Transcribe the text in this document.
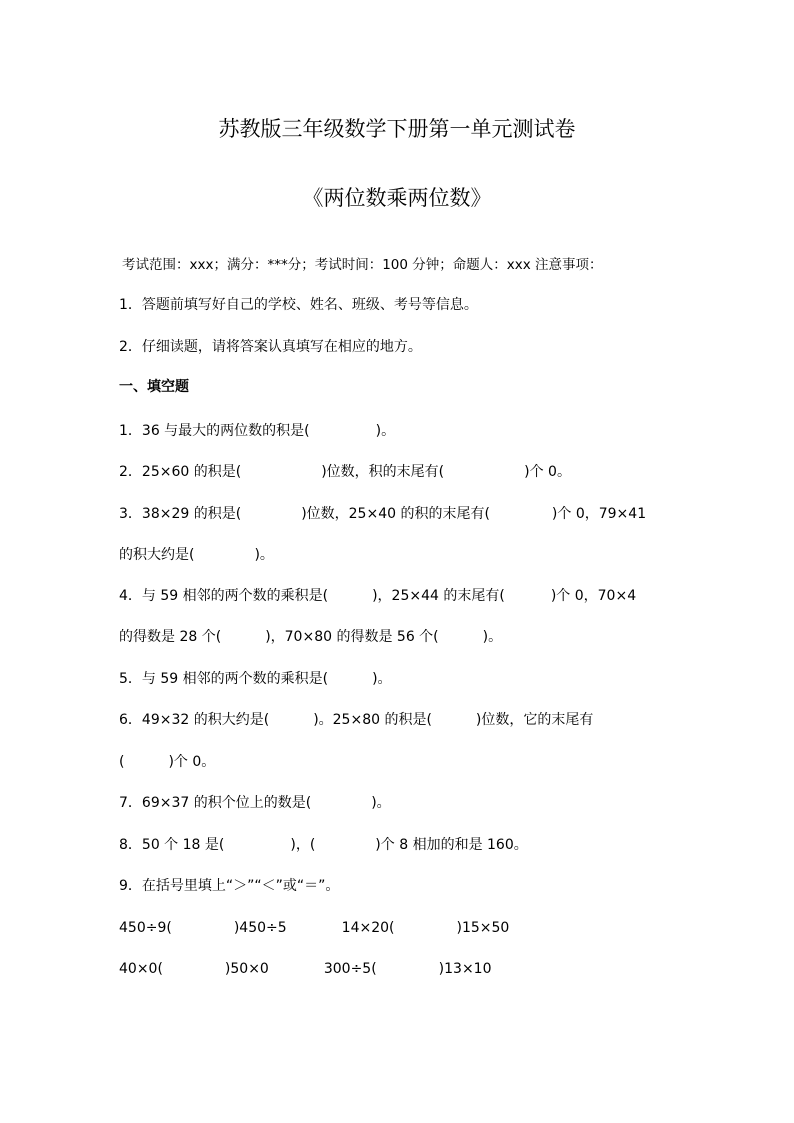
苏教版三年级数学下册第一单元测试卷
《两位数乘两位数》
考试范围：xxx；满分：***分；考试时间：100 分钟；命题人：xxx 注意事项：
1．答题前填写好自己的学校、姓名、班级、考号等信息。
2．仔细读题，请将答案认真填写在相应的地方。
一、填空题
1．36 与最大的两位数的积是(	)。
2．25×60 的积是(	)位数，积的末尾有(	)个 0。
3．38×29 的积是(	)位数，25×40 的积的末尾有(	)个 0，79×41
的积大约是(	)。
4．与 59 相邻的两个数的乘积是(	)，25×44 的末尾有(	)个 0，70×4
的得数是 28 个(	)，70×80 的得数是 56 个(	)。
5．与 59 相邻的两个数的乘积是(	)。
6．49×32 的积大约是(	)。25×80 的积是(	)位数，它的末尾有
(	)个 0。
7．69×37 的积个位上的数是(	)。
8．50 个 18 是(	)，(	)个 8 相加的和是 160。
9．在括号里填上“＞”“＜”或“＝”。
450÷9(	)450÷5	14×20(	)15×50
40×0(	)50×0	300÷5(	)13×10
